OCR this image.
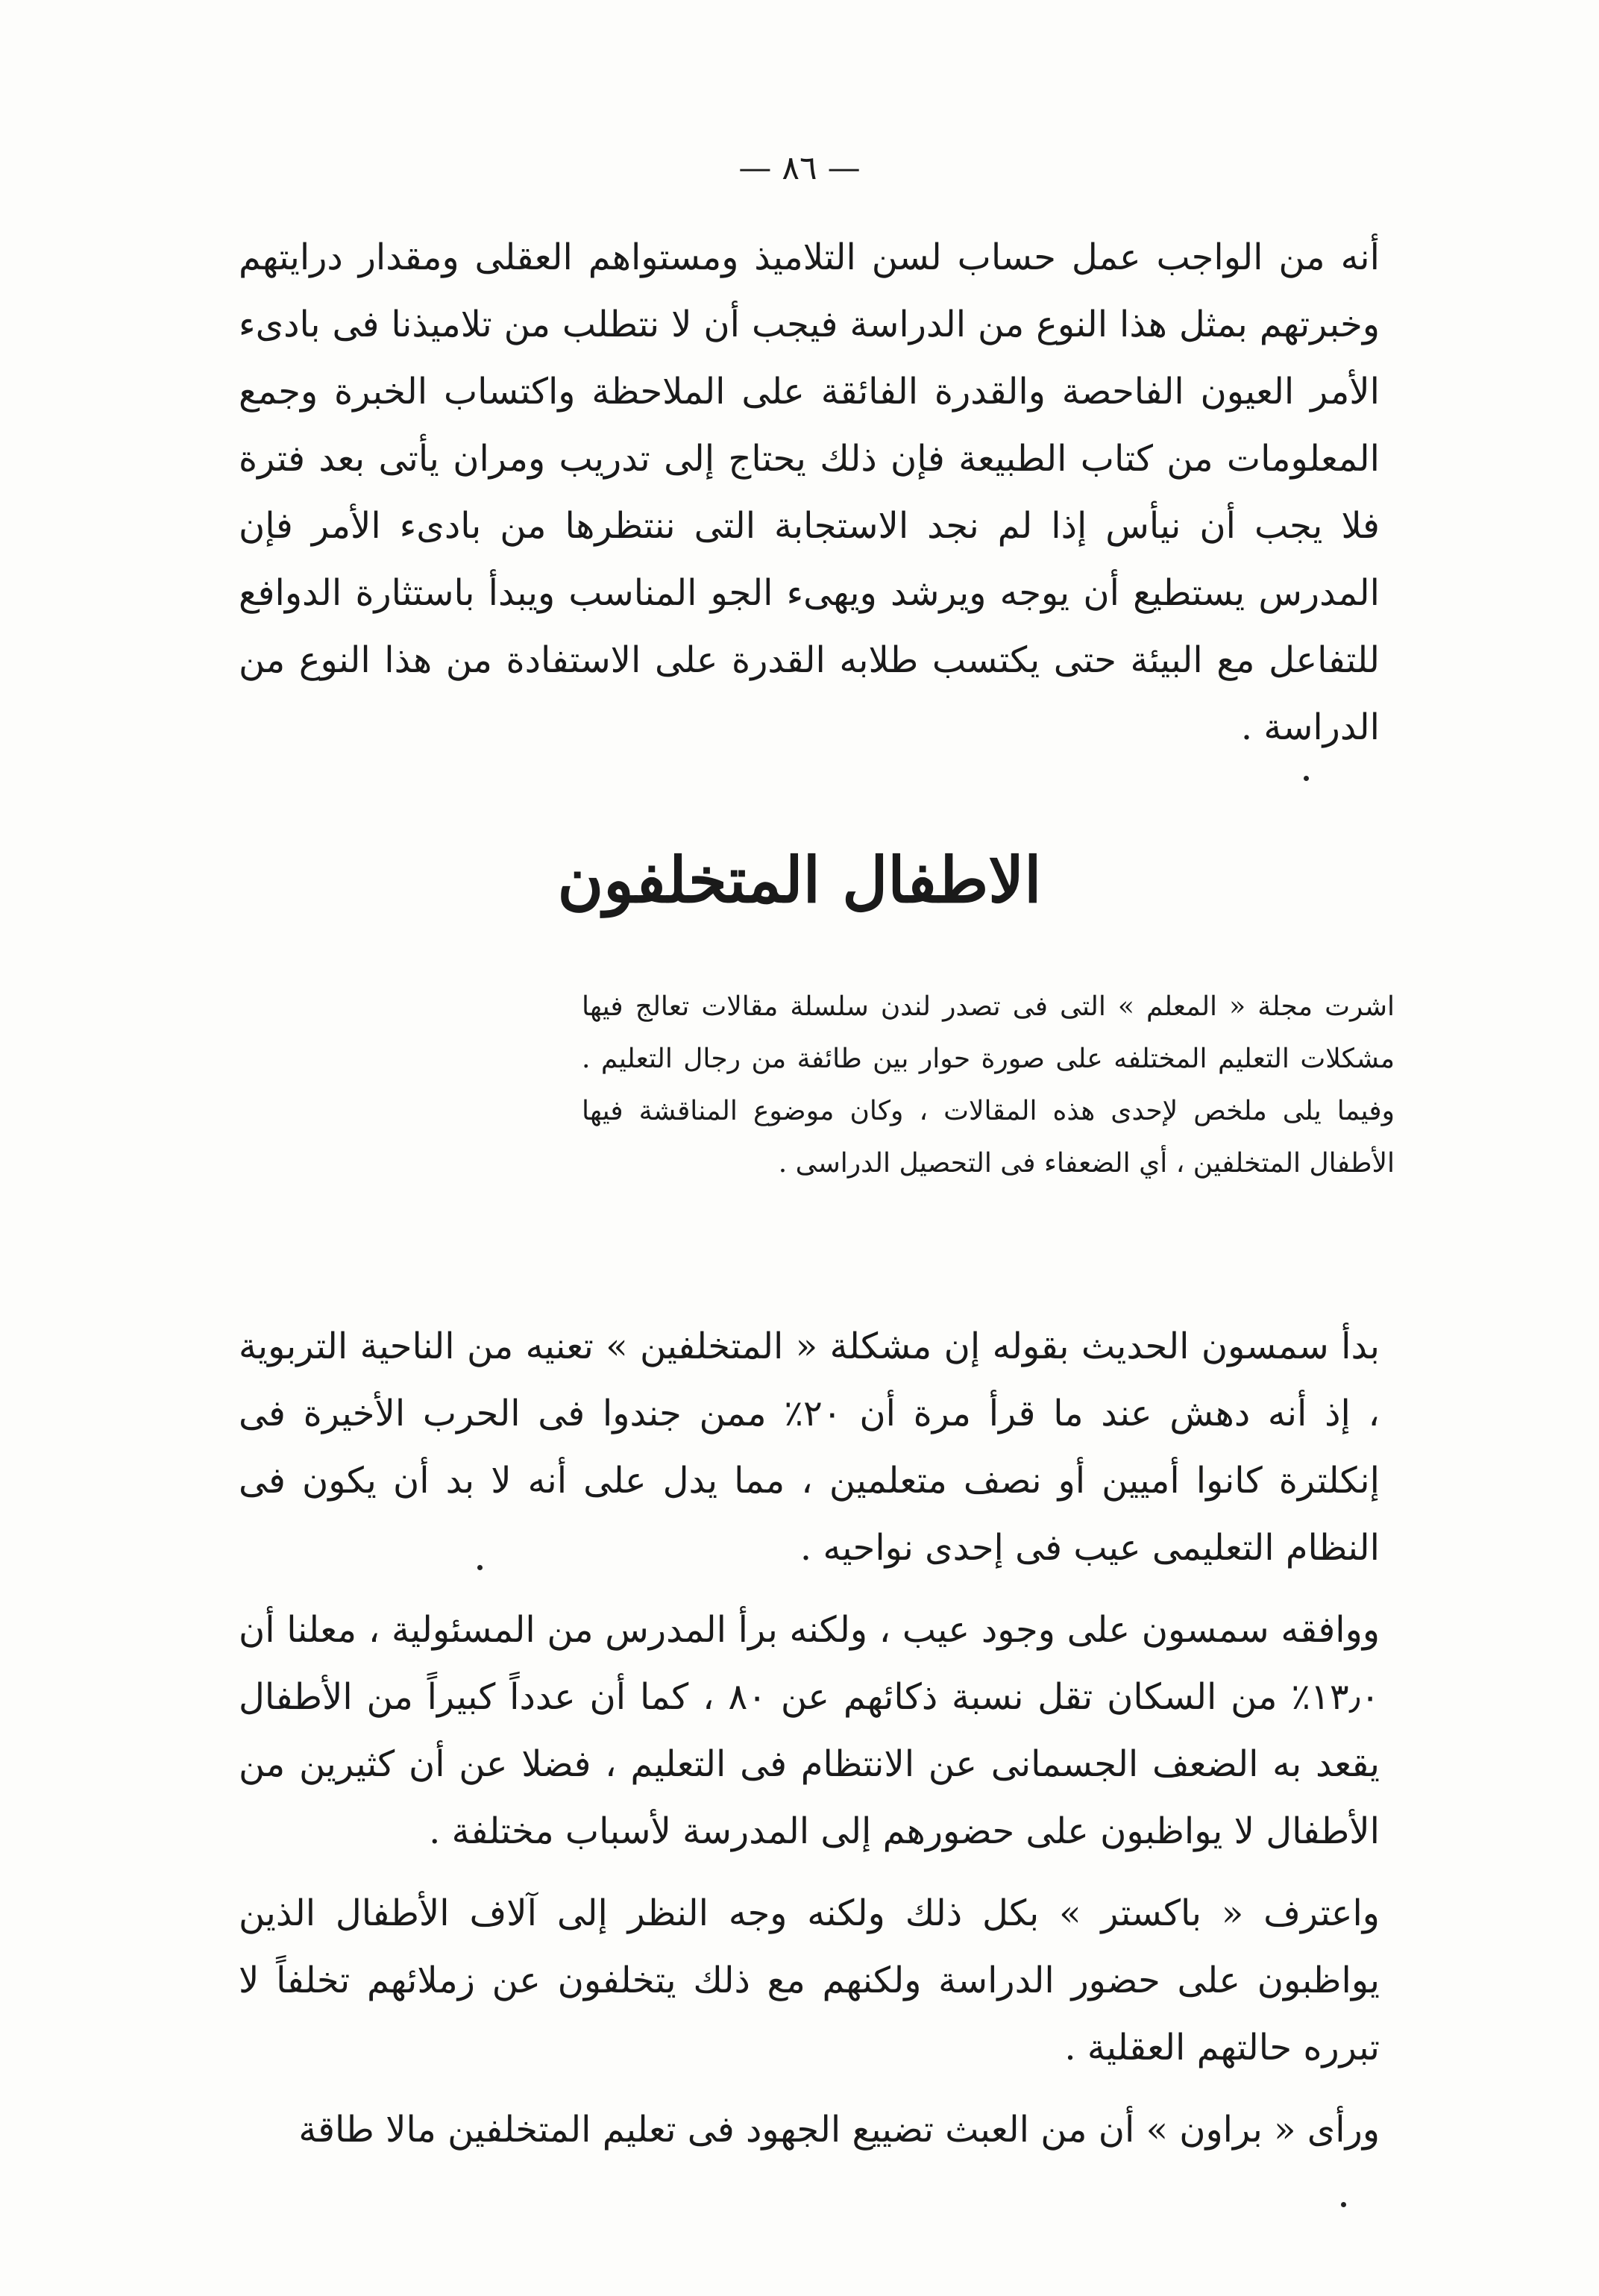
— ٨٦ —
أنه من الواجب عمل حساب لسن التلاميذ ومستواهم العقلى ومقدار درايتهم وخبرتهم بمثل هذا النوع من الدراسة فيجب أن لا نتطلب من تلاميذنا فى بادىء الأمر العيون الفاحصة والقدرة الفائقة على الملاحظة واكتساب الخبرة وجمع المعلومات من كتاب الطبيعة فإن ذلك يحتاج إلى تدريب ومران يأتى بعد فترة فلا يجب أن نيأس إذا لم نجد الاستجابة التى ننتظرها من بادىء الأمر فإن المدرس يستطيع أن يوجه ويرشد ويهىء الجو المناسب ويبدأ باستثارة الدوافع للتفاعل مع البيئة حتى يكتسب طلابه القدرة على الاستفادة من هذا النوع من الدراسة .
الاطفال المتخلفون
اشرت مجلة « المعلم » التى فى تصدر لندن سلسلة مقالات تعالج فيها مشكلات التعليم المختلفه على صورة حوار بين طائفة من رجال التعليم . وفيما يلى ملخص لإحدى هذه المقالات ، وكان موضوع المناقشة فيها الأطفال المتخلفين ، أي الضعفاء فى التحصيل الدراسى .

بدأ سمسون الحديث بقوله إن مشكلة « المتخلفين » تعنيه من الناحية التربوية ، إذ أنه دهش عند ما قرأ مرة أن ٢٠٪ ممن جندوا فى الحرب الأخيرة فى إنكلترة كانوا أميين أو نصف متعلمين ، مما يدل على أنه لا بد أن يكون فى النظام التعليمى عيب فى إحدى نواحيه .

ووافقه سمسون على وجود عيب ، ولكنه برأ المدرس من المسئولية ، معلنا أن ١٣٫٠٪ من السكان تقل نسبة ذكائهم عن ٨٠ ، كما أن عدداً كبيراً من الأطفال يقعد به الضعف الجسمانى عن الانتظام فى التعليم ، فضلا عن أن كثيرين من الأطفال لا يواظبون على حضورهم إلى المدرسة لأسباب مختلفة .

واعترف « باكستر » بكل ذلك ولكنه وجه النظر إلى آلاف الأطفال الذين يواظبون على حضور الدراسة ولكنهم مع ذلك يتخلفون عن زملائهم تخلفاً لا تبرره حالتهم العقلية .

ورأى « براون » أن من العبث تضييع الجهود فى تعليم المتخلفين مالا طاقة
